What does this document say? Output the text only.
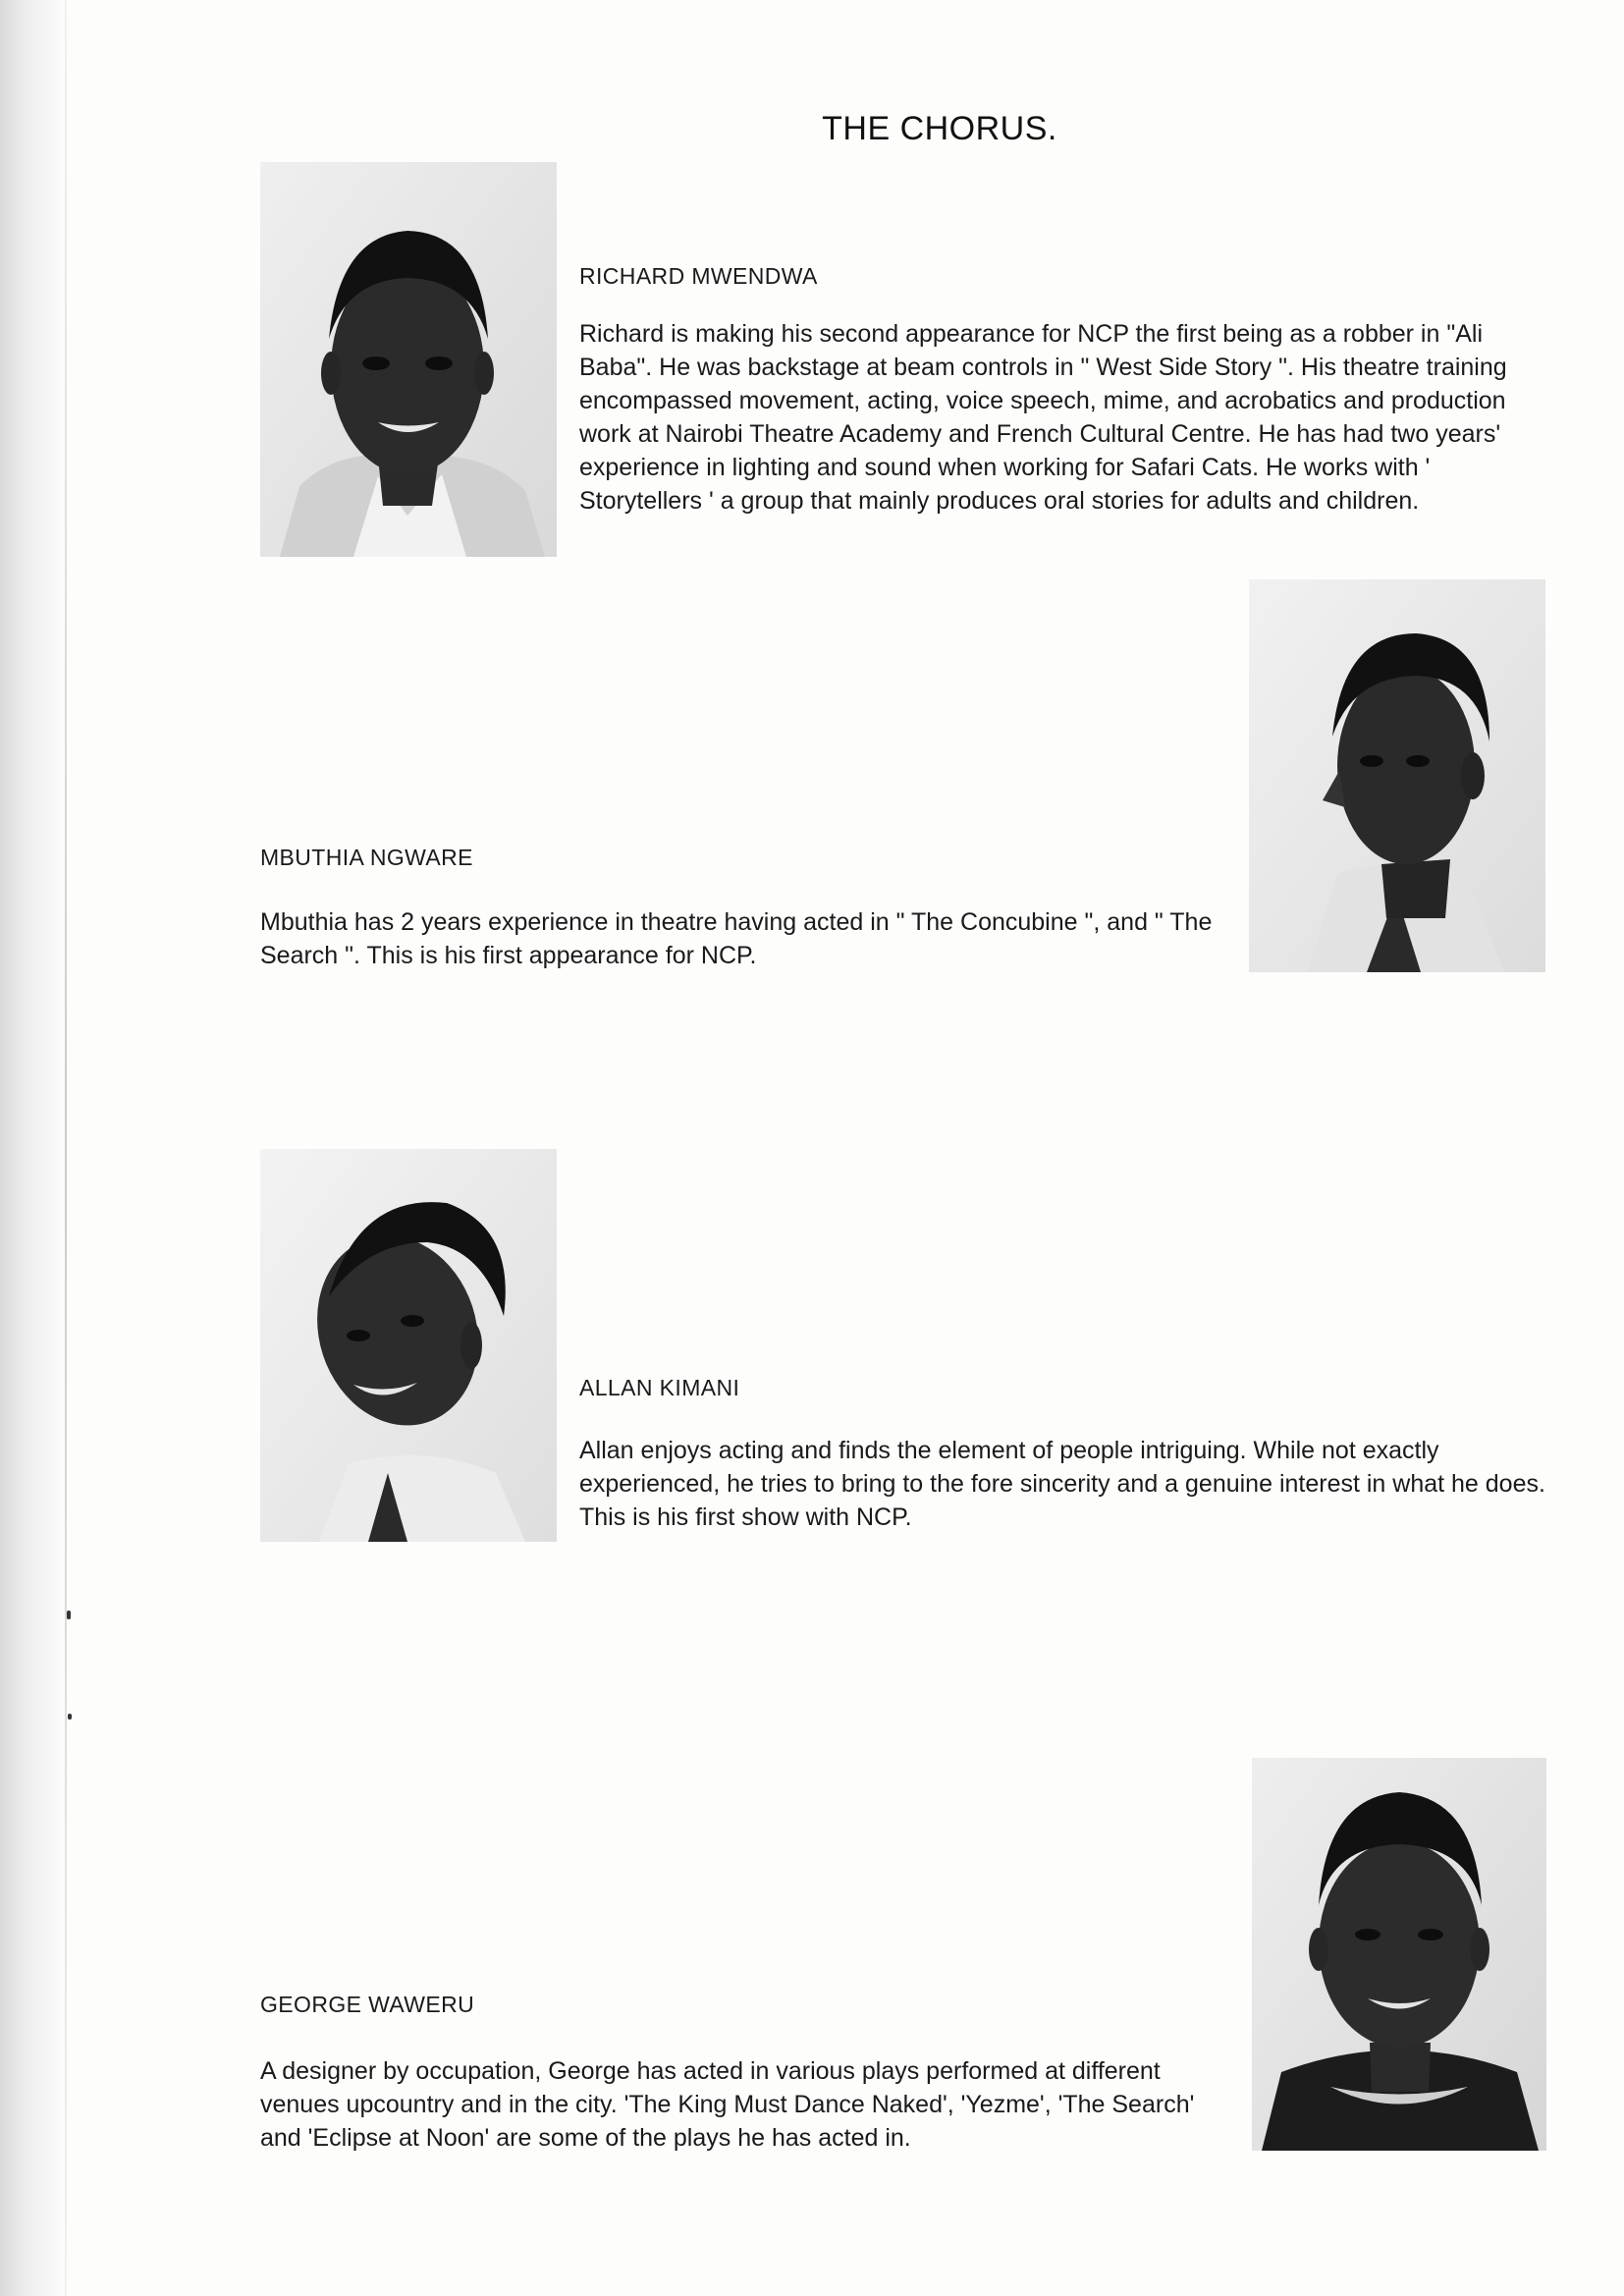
THE CHORUS.
RICHARD MWENDWA

Richard is making his second appearance for NCP the first being as a robber in "Ali Baba". He was backstage at beam controls in " West Side Story ". His theatre training encompassed movement, acting, voice speech, mime, and acrobatics and production work at Nairobi Theatre Academy and French Cultural Centre. He has had two years' experience in lighting and sound when working for Safari Cats. He works with ' Storytellers ' a group that mainly produces oral stories for adults and children.

MBUTHIA NGWARE

Mbuthia has 2 years experience in theatre having acted in " The Concubine ", and " The Search ". This is his first appearance for NCP.

ALLAN KIMANI

Allan enjoys acting and finds the element of people intriguing. While not exactly experienced, he tries to bring to the fore sincerity and a genuine interest in what he does. This is his first show with NCP.

GEORGE WAWERU

A designer by occupation, George has acted in various plays performed at different venues upcountry and in the city. 'The King Must Dance Naked', 'Yezme', 'The Search' and 'Eclipse at Noon' are some of the plays he has acted in.
